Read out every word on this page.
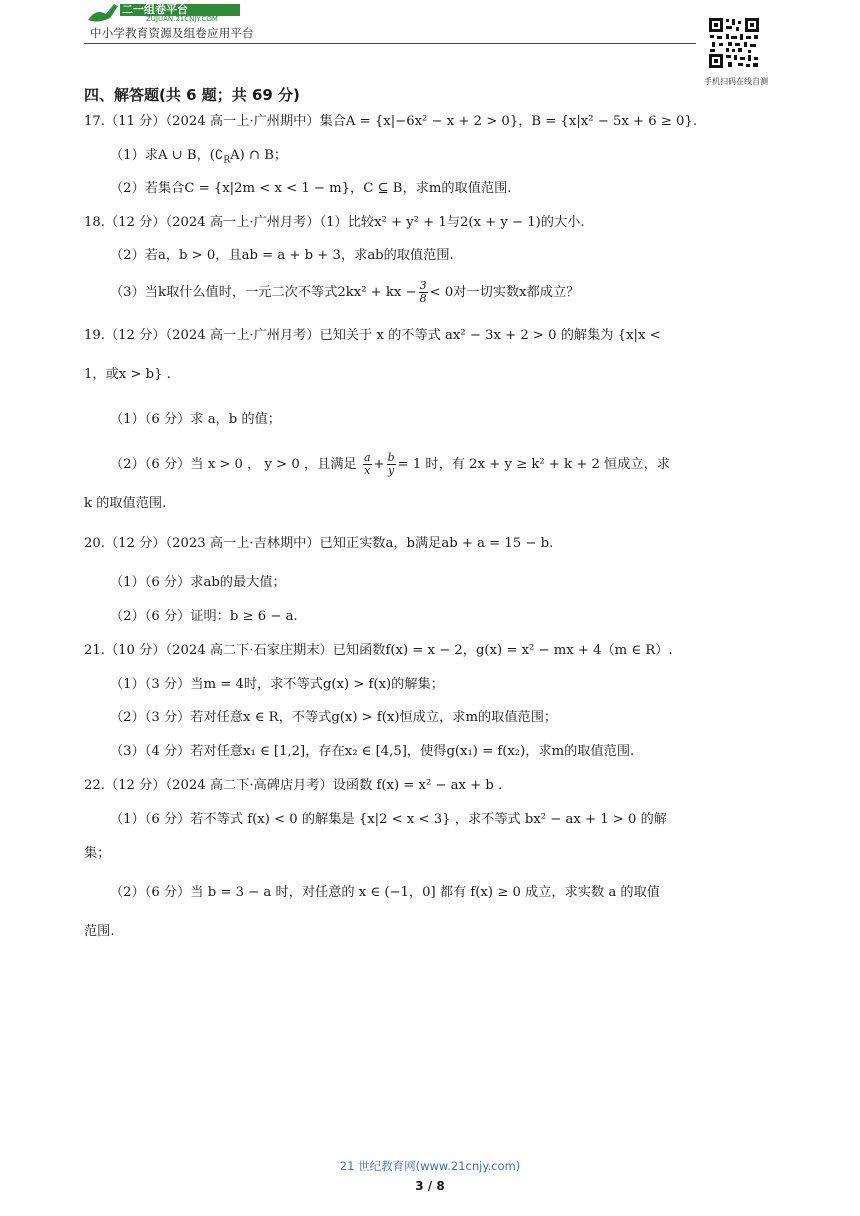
二一组卷平台
ZUJUAN.21CNJY.COM
中小学教育资源及组卷应用平台
手机扫码在线自测
四、解答题(共 6 题；共 69 分)
17.（11 分）（2024 高一上·广州期中）集合A = {x|−6x² − x + 2 > 0}，B = {x|x² − 5x + 6 ≥ 0}.
（1）求A ∪ B，$(∁_RA)$ ∩ B；
（2）若集合C = {x|2m < x < 1 − m}，C ⊆ B，求m的取值范围.
18.（12 分）（2024 高一上·广州月考）（1）比较x² + y² + 1与2(x + y − 1)的大小.
（2）若a，b > 0，且ab = a + b + 3，求ab的取值范围.
（3）当k取什么值时，一元二次不等式2kx² + kx − $\frac{3}{8} < 0$对一切实数x都成立？
19.（12 分）（2024 高一上·广州月考）已知关于 x 的不等式 ax² − 3x + 2 > 0 的解集为 {x|x <
1，或x > b} .
（1）（6 分）求 a，b 的值；
（2）（6 分）当 x > 0 ， y > 0 ，且满足 $\frac{a}{x} + \frac{b}{y} = 1$ 时，有 2x + y ≥ k² + k + 2 恒成立，求
k 的取值范围.
20.（12 分）（2023 高一上·吉林期中）已知正实数a，b满足ab + a = 15 − b.
（1）（6 分）求ab的最大值；
（2）（6 分）证明：b ≥ 6 − a.
21.（10 分）（2024 高二下·石家庄期末）已知函数f(x) = x − 2，g(x) = x² − mx + 4（m ∈ R）.
（1）（3 分）当m = 4时，求不等式g(x) > f(x)的解集；
（2）（3 分）若对任意x ∈ R，不等式g(x) > f(x)恒成立，求m的取值范围；
（3）（4 分）若对任意x₁ ∈ [1,2]，存在x₂ ∈ [4,5]，使得g(x₁) = f(x₂)，求m的取值范围.
22.（12 分）（2024 高二下·高碑店月考）设函数 f(x) = x² − ax + b .
（1）（6 分）若不等式 f(x) < 0 的解集是 {x|2 < x < 3} ，求不等式 bx² − ax + 1 > 0 的解
集；
（2）（6 分）当 b = 3 − a 时，对任意的 x ∈ (−1，0] 都有 f(x) ≥ 0 成立，求实数 a 的取值
范围.
21 世纪教育网(www.21cnjy.com)
3 / 8
